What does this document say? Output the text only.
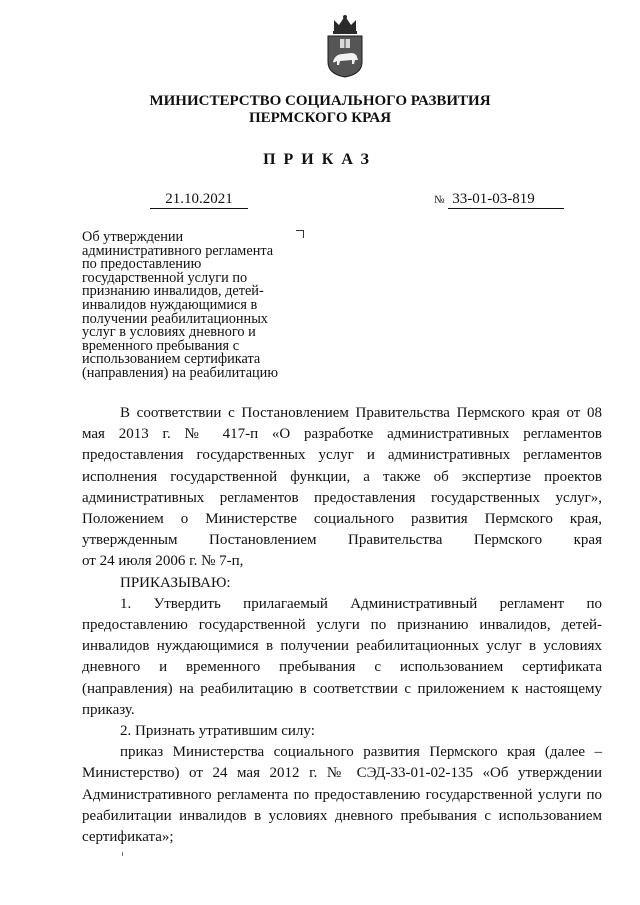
МИНИСТЕРСТВО СОЦИАЛЬНОГО РАЗВИТИЯ
ПЕРМСКОГО КРАЯ
ПРИКАЗ
21.10.2021	№ 33-01-03-819
Об утверждении
административного регламента
по предоставлению
государственной услуги по
признанию инвалидов, детей-
инвалидов нуждающимися в
получении реабилитационных
услуг в условиях дневного и
временного пребывания с
использованием сертификата
(направления) на реабилитацию

В соответствии с Постановлением Правительства Пермского края от 08 мая 2013 г. № 417-п «О разработке административных регламентов предоставления государственных услуг и административных регламентов исполнения государственной функции, а также об экспертизе проектов административных регламентов предоставления государственных услуг», Положением о Министерстве социального развития Пермского края, утвержденным Постановлением Правительства Пермского края

от 24 июля 2006 г. № 7-п,

ПРИКАЗЫВАЮ:

1. Утвердить прилагаемый Административный регламент по предоставлению государственной услуги по признанию инвалидов, детей-инвалидов нуждающимися в получении реабилитационных услуг в условиях дневного и временного пребывания с использованием сертификата (направления) на реабилитацию в соответствии с приложением к настоящему приказу.

2. Признать утратившим силу:

приказ Министерства социального развития Пермского края (далее – Министерство) от 24 мая 2012 г. № СЭД-33-01-02-135 «Об утверждении Административного регламента по предоставлению государственной услуги по реабилитации инвалидов в условиях дневного пребывания с использованием сертификата»;
